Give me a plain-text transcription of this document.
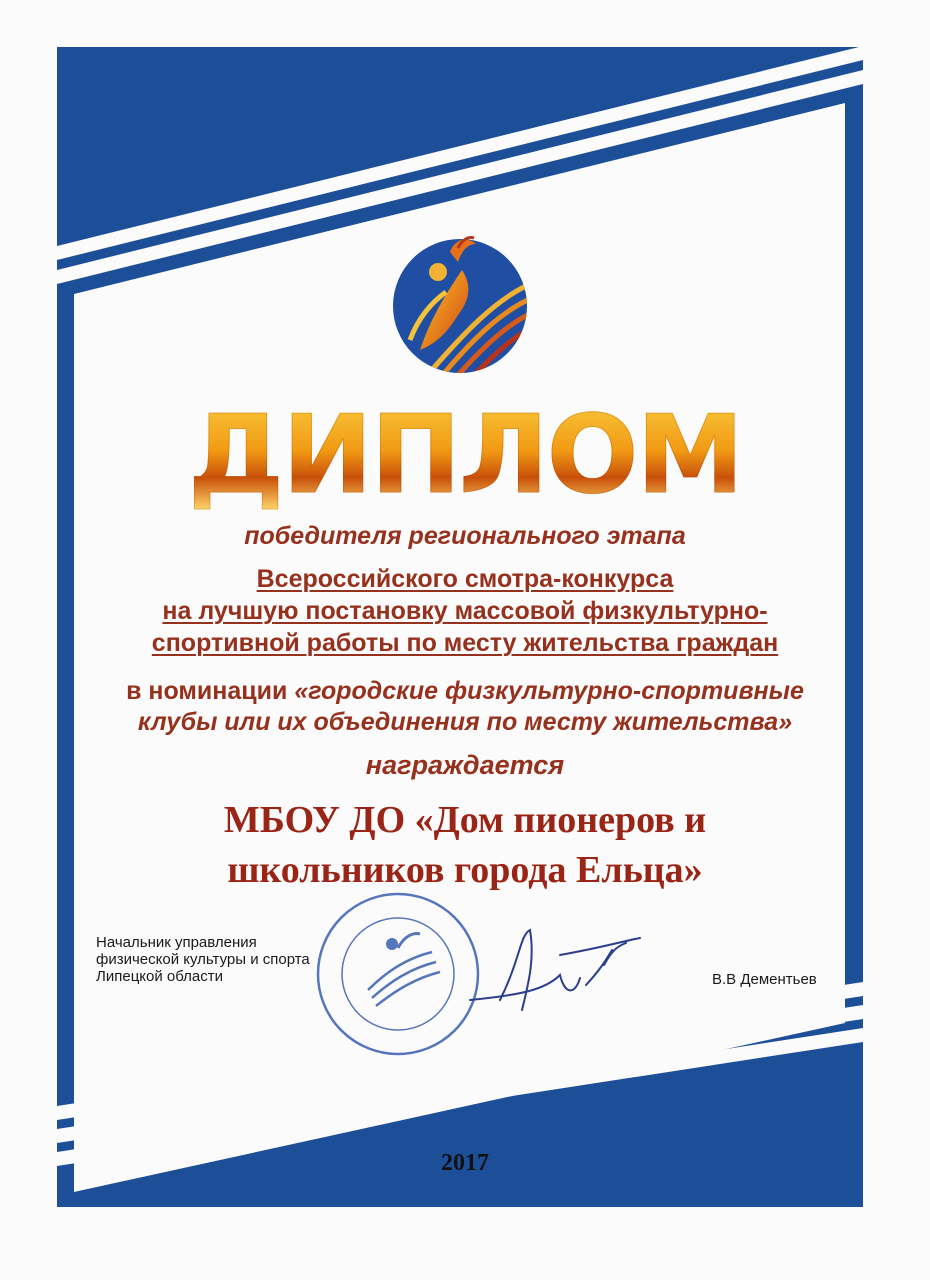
ДИПЛОМ
победителя регионального этапа
Всероссийского смотра-конкурса
на лучшую постановку массовой физкультурно-
спортивной работы по месту жительства граждан
в номинации «городские физкультурно-спортивные
клубы или их объединения по месту жительства»
награждается
МБОУ ДО «Дом пионеров и
школьников города Ельца»
Начальник управления
физической культуры и спорта
Липецкой области	В.В Дементьев
2017
